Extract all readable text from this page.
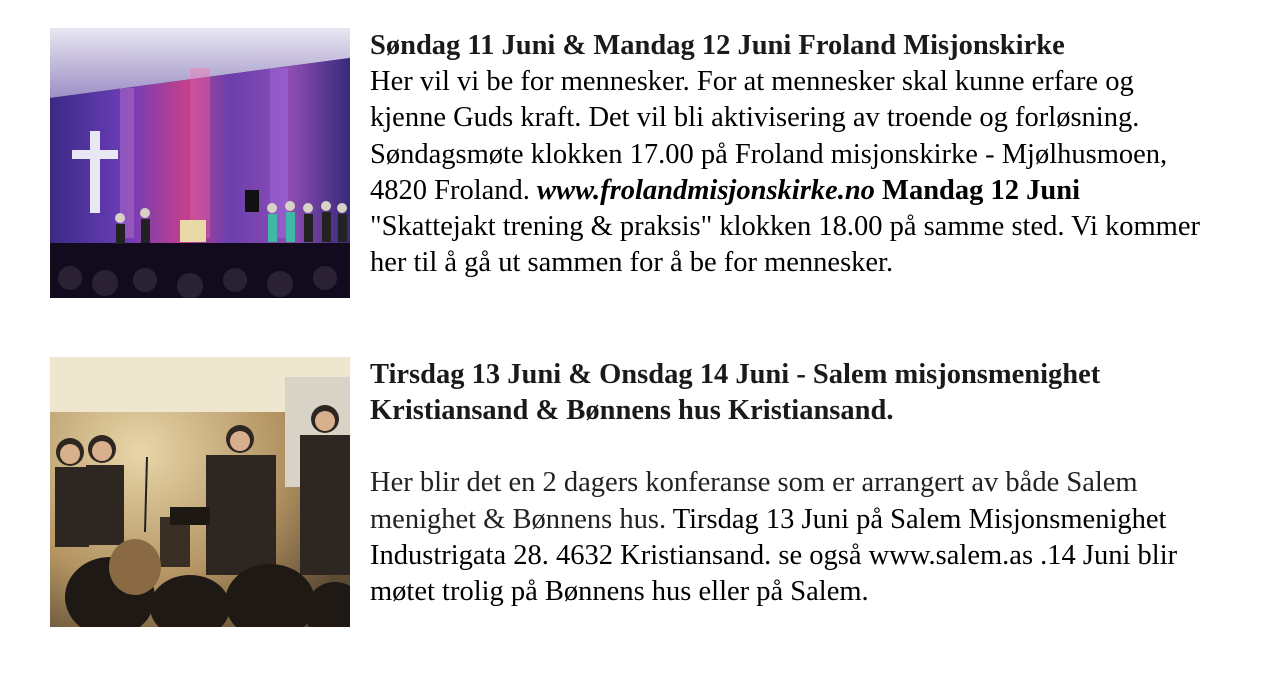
Søndag 11 Juni & Mandag 12 Juni Froland Misjonskirke
Her vil vi be for mennesker. For at mennesker skal kunne erfare og kjenne Guds kraft. Det vil bli aktivisering av troende og forløsning. Søndagsmøte klokken 17.00 på Froland misjonskirke - Mjølhusmoen, 4820 Froland. www.frolandmisjonskirke.no Mandag 12 Juni "Skattejakt trening & praksis" klokken 18.00 på samme sted. Vi kommer her til å gå ut sammen for å be for mennesker.
Tirsdag 13 Juni & Onsdag 14 Juni - Salem misjonsmenighet Kristiansand & Bønnens hus Kristiansand.
Her blir det en 2 dagers konferanse som er arrangert av både Salem menighet & Bønnens hus. Tirsdag 13 Juni på Salem Misjonsmenighet Industrigata 28. 4632 Kristiansand. se også www.salem.as .14 Juni blir møtet trolig på Bønnens hus eller på Salem.
